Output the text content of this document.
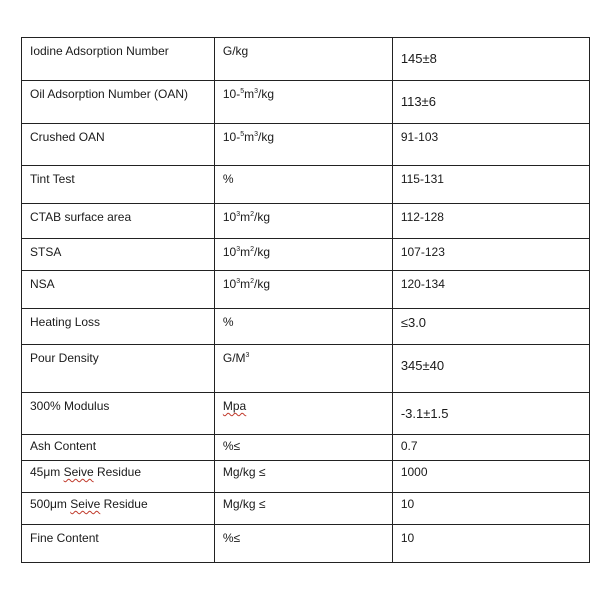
Iodine Adsorption Number	G/kg	145±8
Oil Adsorption Number (OAN)	$10-^5m^3/kg$	113±6
Crushed OAN	$10-^5m^3/kg$	91-103
Tint Test	%	115-131
CTAB surface area	$10^3m^2/kg$	112-128
STSA	$10^3m^2/kg$	107-123
NSA	$10^3m^2/kg$	120-134
Heating Loss	%	≤3.0
Pour Density	$G/M^3$	345±40
300% Modulus	Mpa	-3.1±1.5
Ash Content	%≤	0.7
45μm Seive Residue	Mg/kg ≤	1000
500μm Seive Residue	Mg/kg ≤	10
Fine Content	%≤	10
